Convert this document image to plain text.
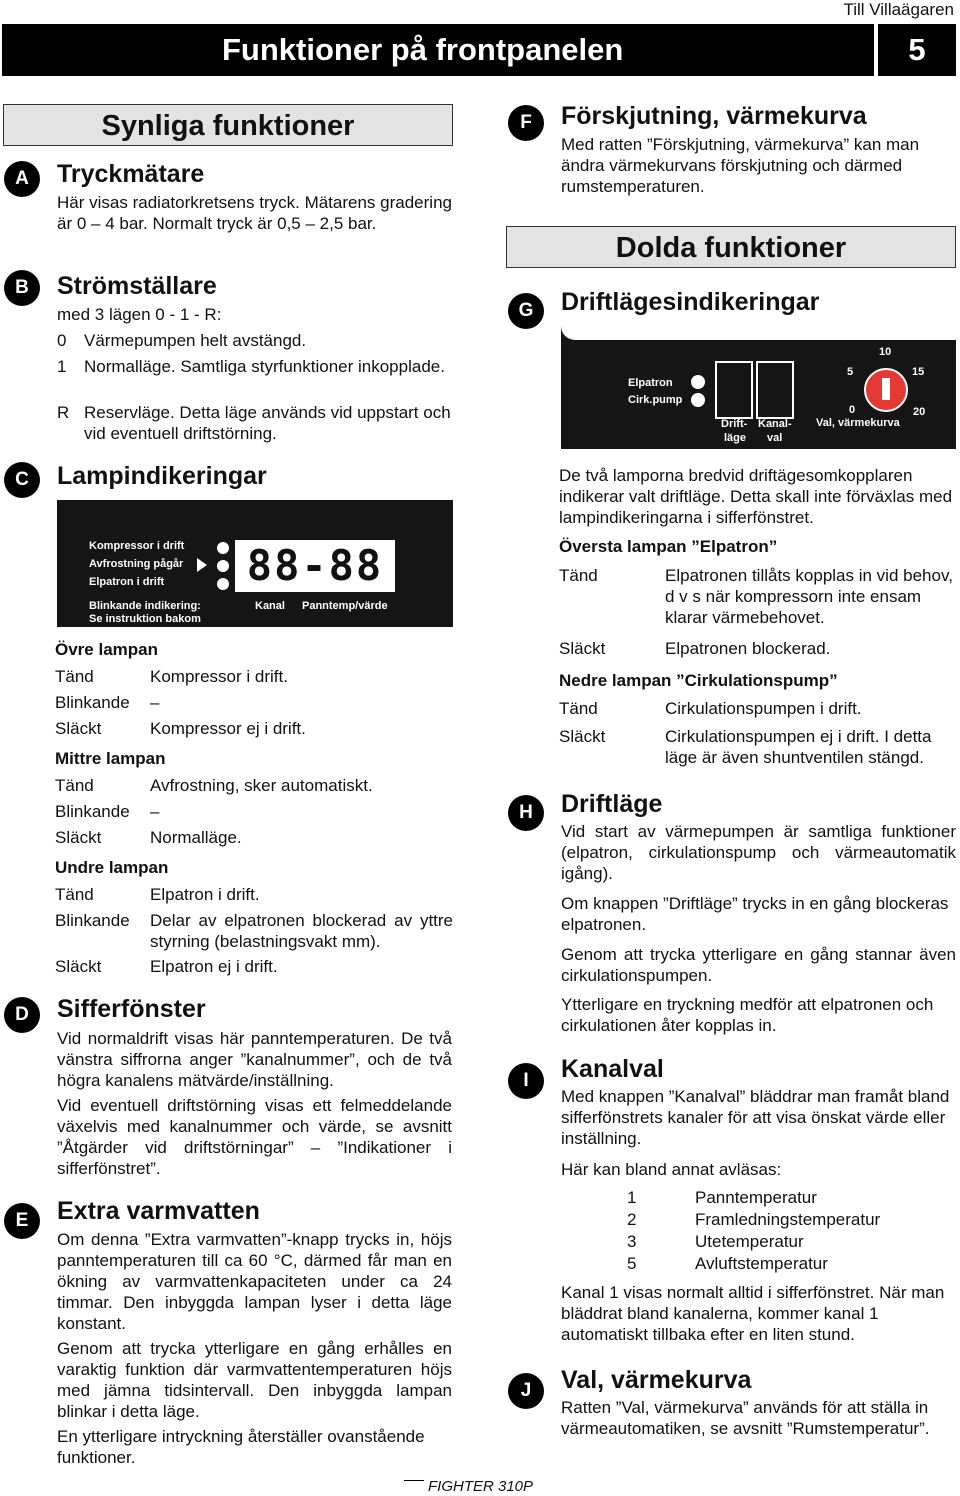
Till Villaägaren
Funktioner på frontpanelen	5
Synliga funktioner
A	Tryckmätare
Här visas radiatorkretsens tryck. Mätarens gradering är 0 – 4 bar. Normalt tryck är 0,5 – 2,5 bar.
B	Strömställare
med 3 lägen 0 - 1 - R:
0 Värmepumpen helt avstängd.
1 Normalläge. Samtliga styrfunktioner inkopplade.
R Reservläge. Detta läge används vid uppstart och vid eventuell driftstörning.
C	Lampindikeringar
Kompressor i drift
Avfrostning pågår
Elpatron i drift 88-88
Blinkande indikering:
Se instruktion bakom
Kanal Panntemp/värde
Övre lampan
Tänd	Kompressor i drift.
Blinkande –
Släckt	Kompressor ej i drift.
Mittre lampan
Tänd	Avfrostning, sker automatiskt.
Blinkande –
Släckt	Normalläge.
Undre lampan
Tänd	Elpatron i drift.
Blinkande Delar av elpatronen blockerad av yttre styrning (belastningsvakt mm).
Släckt	Elpatron ej i drift.
D	Sifferfönster
Vid normaldrift visas här panntemperaturen. De två vänstra siffrorna anger ”kanalnummer”, och de två högra kanalens mätvärde/inställning.
Vid eventuell driftstörning visas ett felmeddelande växelvis med kanalnummer och värde, se avsnitt ”Åtgärder vid driftstörningar” – ”Indikationer i sifferfönstret”.
E	Extra varmvatten
Om denna ”Extra varmvatten”-knapp trycks in, höjs panntemperaturen till ca 60 °C, därmed får man en ökning av varmvattenkapaciteten under ca 24 timmar. Den inbyggda lampan lyser i detta läge konstant.
Genom att trycka ytterligare en gång erhålles en varaktig funktion där varmvattentemperaturen höjs med jämna tidsintervall. Den inbyggda lampan blinkar i detta läge.
En ytterligare intryckning återställer ovanstående funktioner.
F	Förskjutning, värmekurva
Med ratten ”Förskjutning, värmekurva” kan man ändra värmekurvans förskjutning och därmed rumstemperaturen.
Dolda funktioner
G	Driftlägesindikeringar
Elpatron
Cirk.pump
Drift-
läge
Kanal-
val
5
10
15
0	20
Val, värmekurva
De två lamporna bredvid driftägesomkopplaren indikerar valt driftläge. Detta skall inte förväxlas med lampindikeringarna i sifferfönstret.
Översta lampan ”Elpatron”
Tänd	Elpatronen tillåts kopplas in vid behov, d v s när kompressorn inte ensam klarar värmebehovet.
Släckt	Elpatronen blockerad.
Nedre lampan ”Cirkulationspump”
Tänd	Cirkulationspumpen i drift.
Släckt	Cirkulationspumpen ej i drift. I detta läge är även shuntventilen stängd.
H	Driftläge
Vid start av värmepumpen är samtliga funktioner (elpatron, cirkulationspump och värmeautomatik igång).
Om knappen ”Driftläge” trycks in en gång blockeras elpatronen.
Genom att trycka ytterligare en gång stannar även cirkulationspumpen.
Ytterligare en tryckning medför att elpatronen och cirkulationen åter kopplas in.
I	Kanalval
Med knappen ”Kanalval” bläddrar man framåt bland sifferfönstrets kanaler för att visa önskat värde eller inställning.
Här kan bland annat avläsas:
1	Panntemperatur
2	Framledningstemperatur
3	Utetemperatur
5	Avluftstemperatur
Kanal 1 visas normalt alltid i sifferfönstret. När man bläddrat bland kanalerna, kommer kanal 1 automatiskt tillbaka efter en liten stund.
J	Val, värmekurva
Ratten ”Val, värmekurva” används för att ställa in värmeautomatiken, se avsnitt ”Rumstemperatur”.
FIGHTER 310P
